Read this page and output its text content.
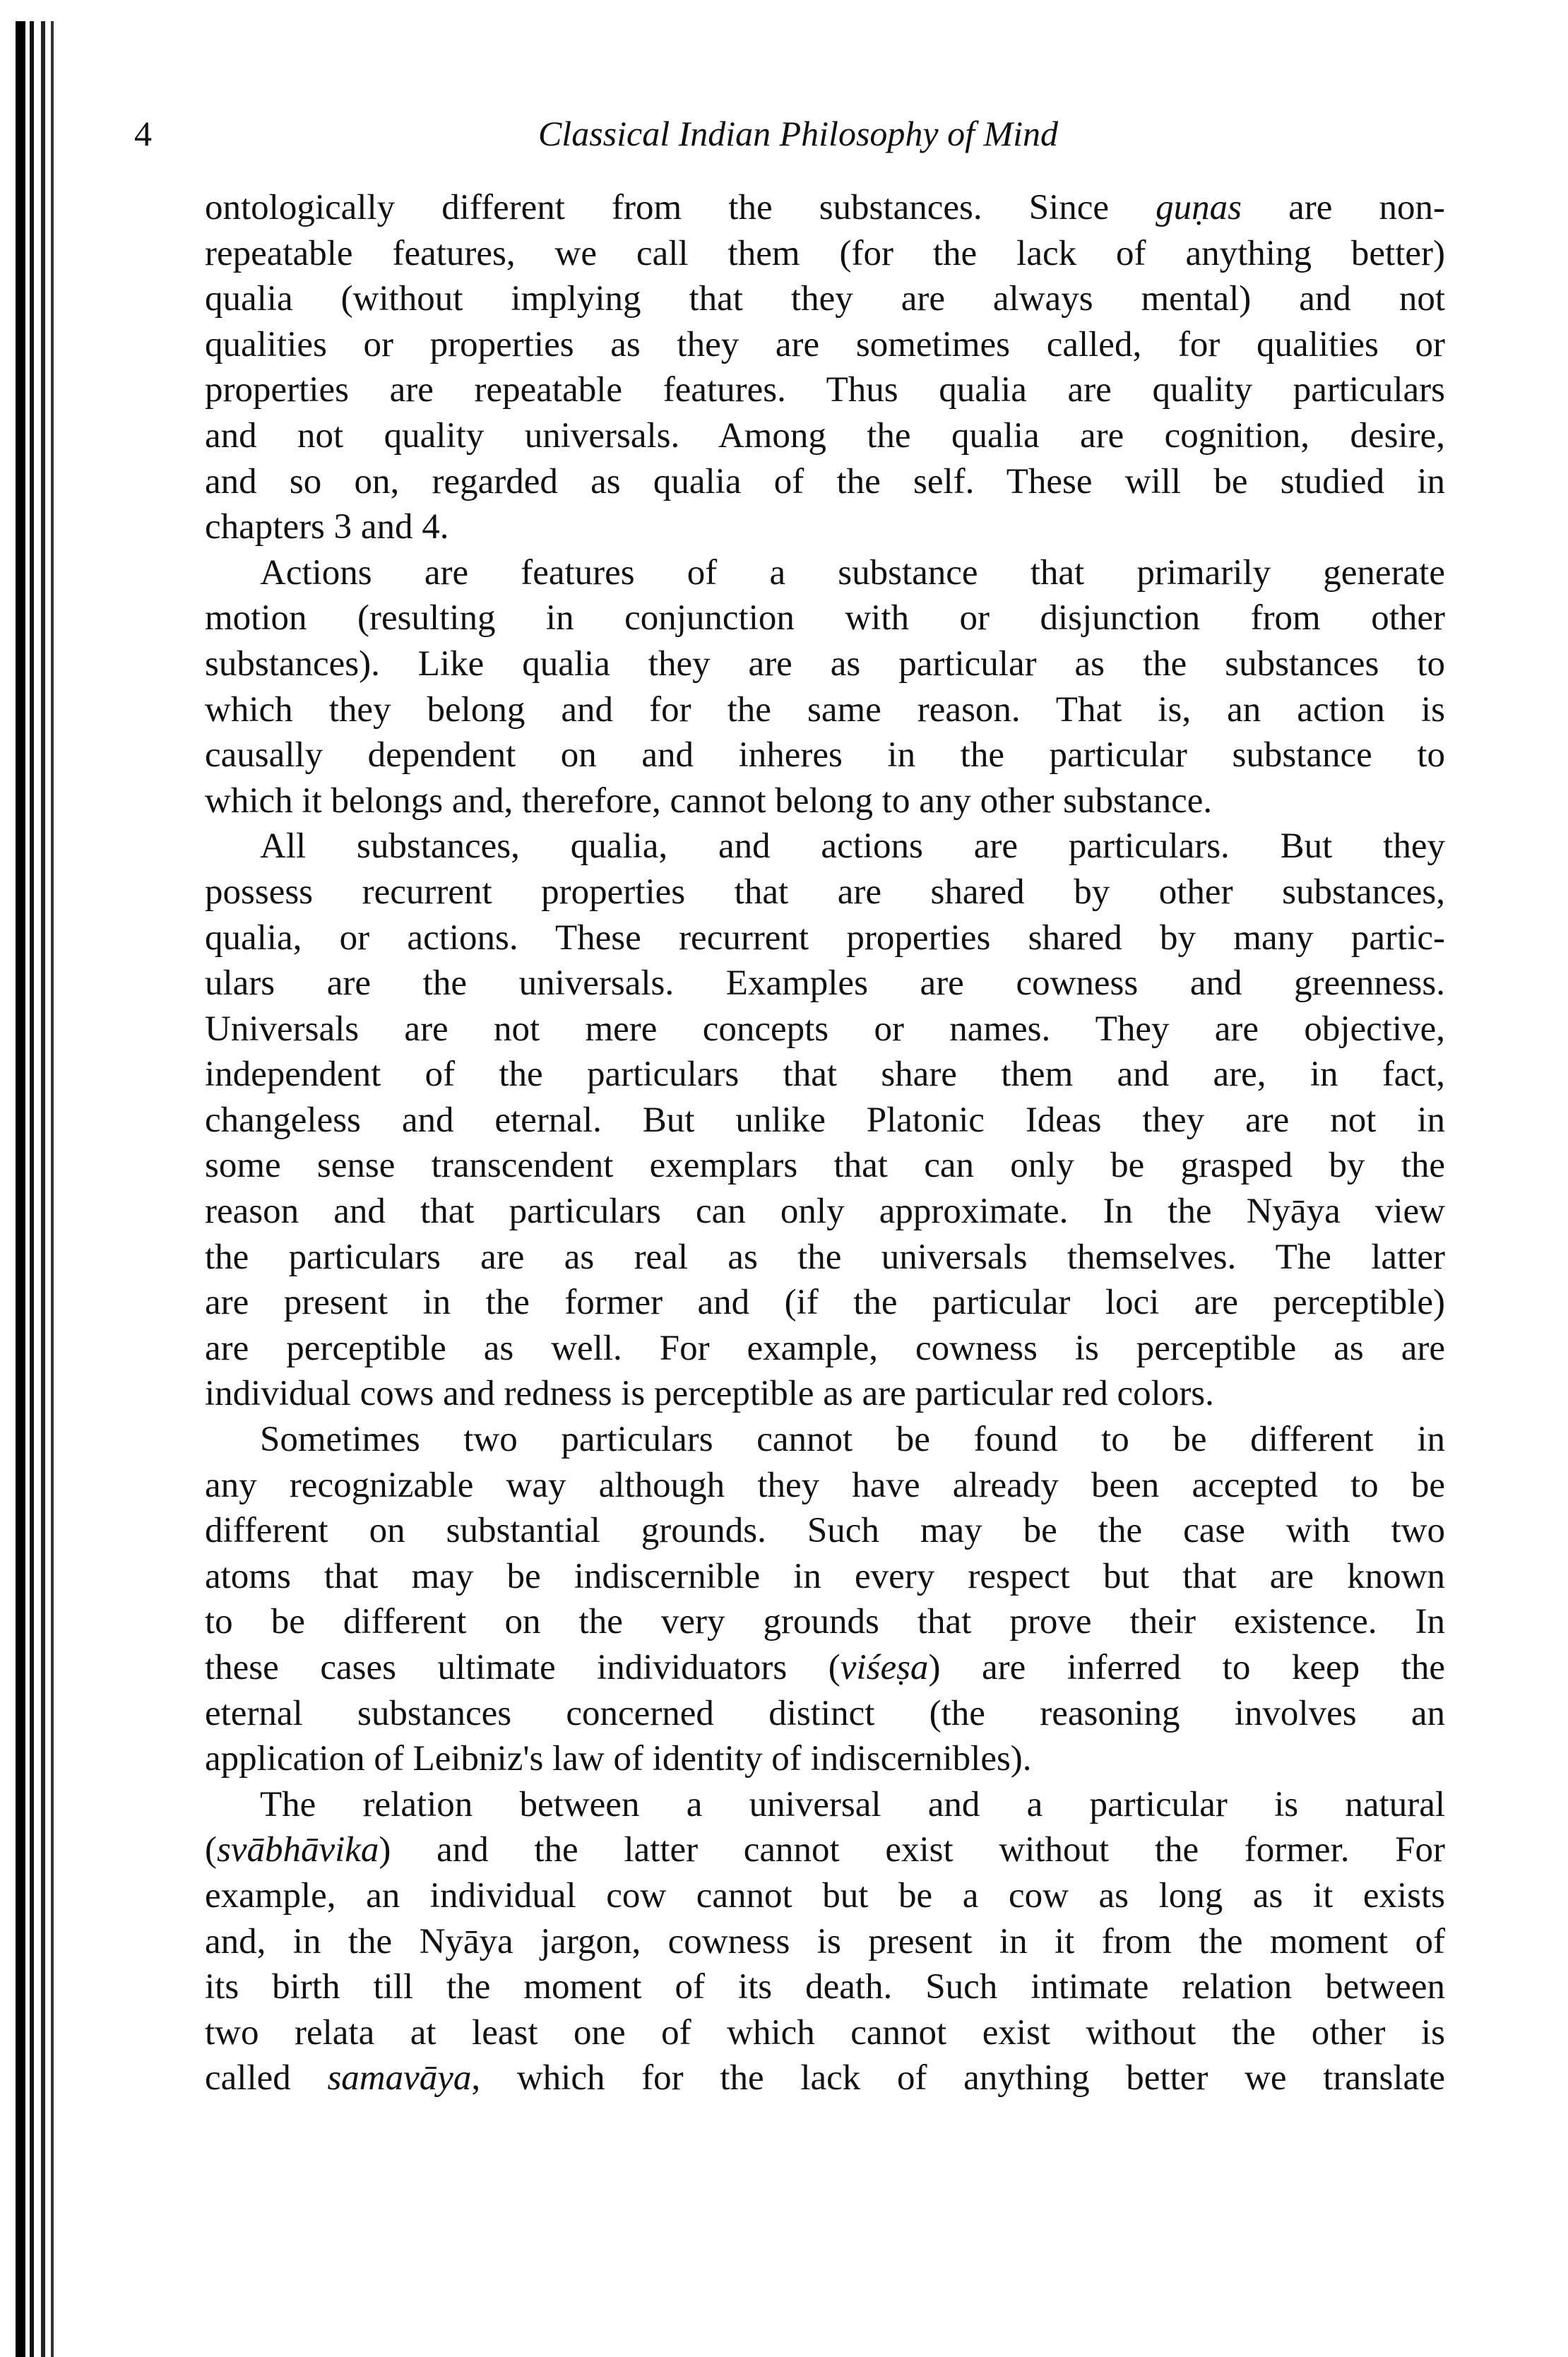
4	Classical Indian Philosophy of Mind
ontologically different from the substances. Since guṇas are non-
repeatable features, we call them (for the lack of anything better)
qualia (without implying that they are always mental) and not
qualities or properties as they are sometimes called, for qualities or
properties are repeatable features. Thus qualia are quality particulars
and not quality universals. Among the qualia are cognition, desire,
and so on, regarded as qualia of the self. These will be studied in
chapters 3 and 4.
Actions are features of a substance that primarily generate
motion (resulting in conjunction with or disjunction from other
substances). Like qualia they are as particular as the substances to
which they belong and for the same reason. That is, an action is
causally dependent on and inheres in the particular substance to
which it belongs and, therefore, cannot belong to any other substance.
All substances, qualia, and actions are particulars. But they
possess recurrent properties that are shared by other substances,
qualia, or actions. These recurrent properties shared by many partic-
ulars are the universals. Examples are cowness and greenness.
Universals are not mere concepts or names. They are objective,
independent of the particulars that share them and are, in fact,
changeless and eternal. But unlike Platonic Ideas they are not in
some sense transcendent exemplars that can only be grasped by the
reason and that particulars can only approximate. In the Nyāya view
the particulars are as real as the universals themselves. The latter
are present in the former and (if the particular loci are perceptible)
are perceptible as well. For example, cowness is perceptible as are
individual cows and redness is perceptible as are particular red colors.
Sometimes two particulars cannot be found to be different in
any recognizable way although they have already been accepted to be
different on substantial grounds. Such may be the case with two
atoms that may be indiscernible in every respect but that are known
to be different on the very grounds that prove their existence. In
these cases ultimate individuators (viśeṣa) are inferred to keep the
eternal substances concerned distinct (the reasoning involves an
application of Leibniz's law of identity of indiscernibles).
The relation between a universal and a particular is natural
(svābhāvika) and the latter cannot exist without the former. For
example, an individual cow cannot but be a cow as long as it exists
and, in the Nyāya jargon, cowness is present in it from the moment of
its birth till the moment of its death. Such intimate relation between
two relata at least one of which cannot exist without the other is
called samavāya, which for the lack of anything better we translate
